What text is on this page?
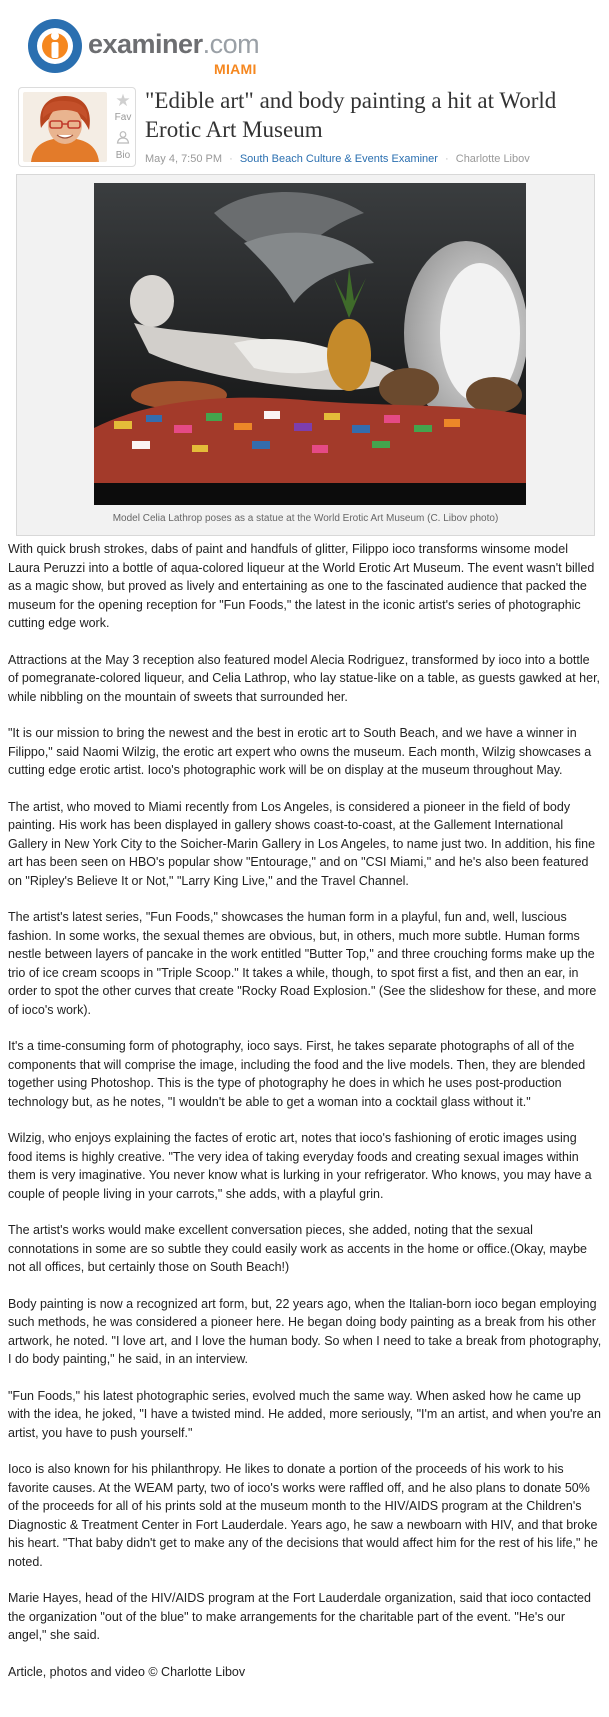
examiner.com
MIAMI
★
Fav
Bio
"Edible art" and body painting a hit at World Erotic Art Museum
May 4, 7:50 PM · South Beach Culture & Events Examiner · Charlotte Libov
Model Celia Lathrop poses as a statue at the World Erotic Art Museum (C. Libov photo)

With quick brush strokes, dabs of paint and handfuls of glitter, Filippo ioco transforms winsome model Laura Peruzzi into a bottle of aqua-colored liqueur at the World Erotic Art Museum. The event wasn't billed as a magic show, but proved as lively and entertaining as one to the fascinated audience that packed the museum for the opening reception for "Fun Foods," the latest in the iconic artist's series of photographic cutting edge work.

Attractions at the May 3 reception also featured model Alecia Rodriguez, transformed by ioco into a bottle of pomegranate-colored liqueur, and Celia Lathrop, who lay statue-like on a table, as guests gawked at her, while nibbling on the mountain of sweets that surrounded her.

"It is our mission to bring the newest and the best in erotic art to South Beach, and we have a winner in Filippo," said Naomi Wilzig, the erotic art expert who owns the museum. Each month, Wilzig showcases a cutting edge erotic artist. Ioco's photographic work will be on display at the museum throughout May.

The artist, who moved to Miami recently from Los Angeles, is considered a pioneer in the field of body painting. His work has been displayed in gallery shows coast-to-coast, at the Gallement International Gallery in New York City to the Soicher-Marin Gallery in Los Angeles, to name just two. In addition, his fine art has been seen on HBO's popular show "Entourage," and on "CSI Miami," and he's also been featured on "Ripley's Believe It or Not," "Larry King Live," and the Travel Channel.

The artist's latest series, "Fun Foods," showcases the human form in a playful, fun and, well, luscious fashion. In some works, the sexual themes are obvious, but, in others, much more subtle. Human forms nestle between layers of pancake in the work entitled "Butter Top," and three crouching forms make up the trio of ice cream scoops in "Triple Scoop." It takes a while, though, to spot first a fist, and then an ear, in order to spot the other curves that create "Rocky Road Explosion." (See the slideshow for these, and more of ioco's work).

It's a time-consuming form of photography, ioco says. First, he takes separate photographs of all of the components that will comprise the image, including the food and the live models. Then, they are blended together using Photoshop. This is the type of photography he does in which he uses post-production technology but, as he notes, "I wouldn't be able to get a woman into a cocktail glass without it."

Wilzig, who enjoys explaining the factes of erotic art, notes that ioco's fashioning of erotic images using food items is highly creative. "The very idea of taking everyday foods and creating sexual images within them is very imaginative. You never know what is lurking in your refrigerator. Who knows, you may have a couple of people living in your carrots," she adds, with a playful grin.

The artist's works would make excellent conversation pieces, she added, noting that the sexual connotations in some are so subtle they could easily work as accents in the home or office.(Okay, maybe not all offices, but certainly those on South Beach!)

Body painting is now a recognized art form, but, 22 years ago, when the Italian-born ioco began employing such methods, he was considered a pioneer here. He began doing body painting as a break from his other artwork, he noted. "I love art, and I love the human body. So when I need to take a break from photography, I do body painting," he said, in an interview.

"Fun Foods," his latest photographic series, evolved much the same way. When asked how he came up with the idea, he joked, "I have a twisted mind. He added, more seriously, "I'm an artist, and when you're an artist, you have to push yourself."

Ioco is also known for his philanthropy. He likes to donate a portion of the proceeds of his work to his favorite causes. At the WEAM party, two of ioco's works were raffled off, and he also plans to donate 50% of the proceeds for all of his prints sold at the museum month to the HIV/AIDS program at the Children's Diagnostic & Treatment Center in Fort Lauderdale. Years ago, he saw a newboarn with HIV, and that broke his heart. "That baby didn't get to make any of the decisions that would affect him for the rest of his life," he noted.

Marie Hayes, head of the HIV/AIDS program at the Fort Lauderdale organization, said that ioco contacted the organization "out of the blue" to make arrangements for the charitable part of the event. "He's our angel," she said.

Article, photos and video © Charlotte Libov
